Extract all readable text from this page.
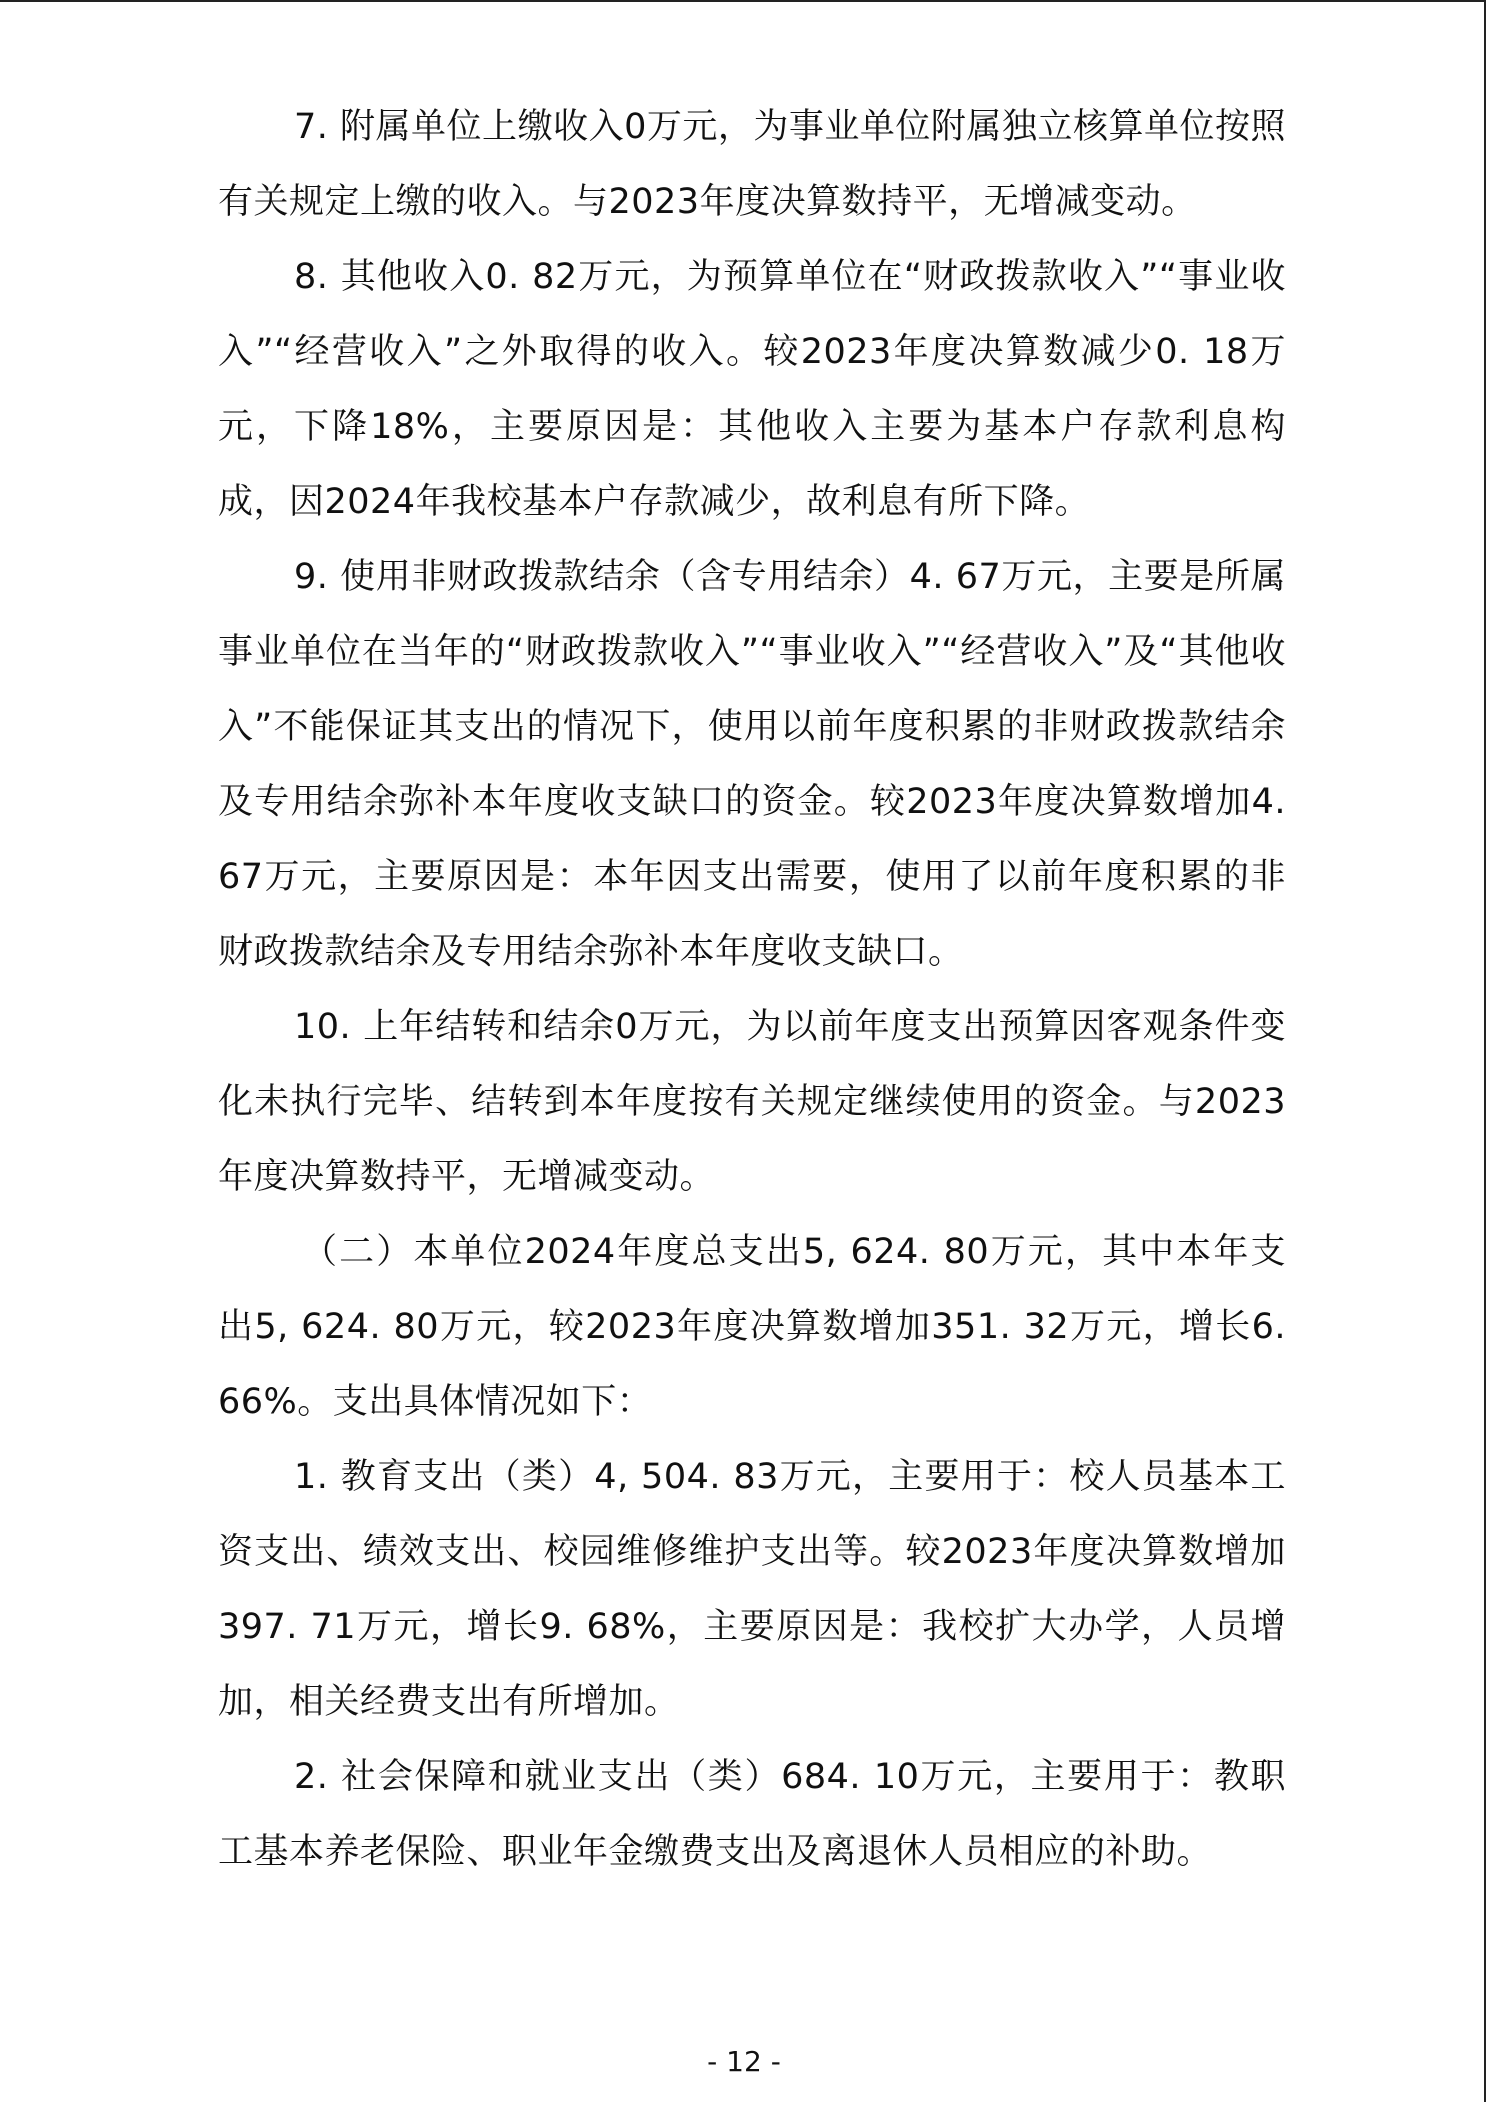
7. 附属单位上缴收入0万元，为事业单位附属独立核算单位按照有关规定上缴的收入。与2023年度决算数持平，无增减变动。

8. 其他收入0. 82万元，为预算单位在“财政拨款收入”“事业收入”“经营收入”之外取得的收入。较2023年度决算数减少0. 18万元，下降18%，主要原因是：其他收入主要为基本户存款利息构成，因2024年我校基本户存款减少，故利息有所下降。

9. 使用非财政拨款结余（含专用结余）4. 67万元，主要是所属事业单位在当年的“财政拨款收入”“事业收入”“经营收入”及“其他收入”不能保证其支出的情况下，使用以前年度积累的非财政拨款结余及专用结余弥补本年度收支缺口的资金。较2023年度决算数增加4. 67万元，主要原因是：本年因支出需要，使用了以前年度积累的非财政拨款结余及专用结余弥补本年度收支缺口。

10. 上年结转和结余0万元，为以前年度支出预算因客观条件变化未执行完毕、结转到本年度按有关规定继续使用的资金。与2023年度决算数持平，无增减变动。

（二）本单位2024年度总支出5, 624. 80万元，其中本年支出5, 624. 80万元，较2023年度决算数增加351. 32万元，增长6. 66%。支出具体情况如下：

1. 教育支出（类）4, 504. 83万元，主要用于：校人员基本工资支出、绩效支出、校园维修维护支出等。较2023年度决算数增加397. 71万元，增长9. 68%，主要原因是：我校扩大办学，人员增加，相关经费支出有所增加。

2. 社会保障和就业支出（类）684. 10万元，主要用于：教职工基本养老保险、职业年金缴费支出及离退休人员相应的补助。

- 12 -
